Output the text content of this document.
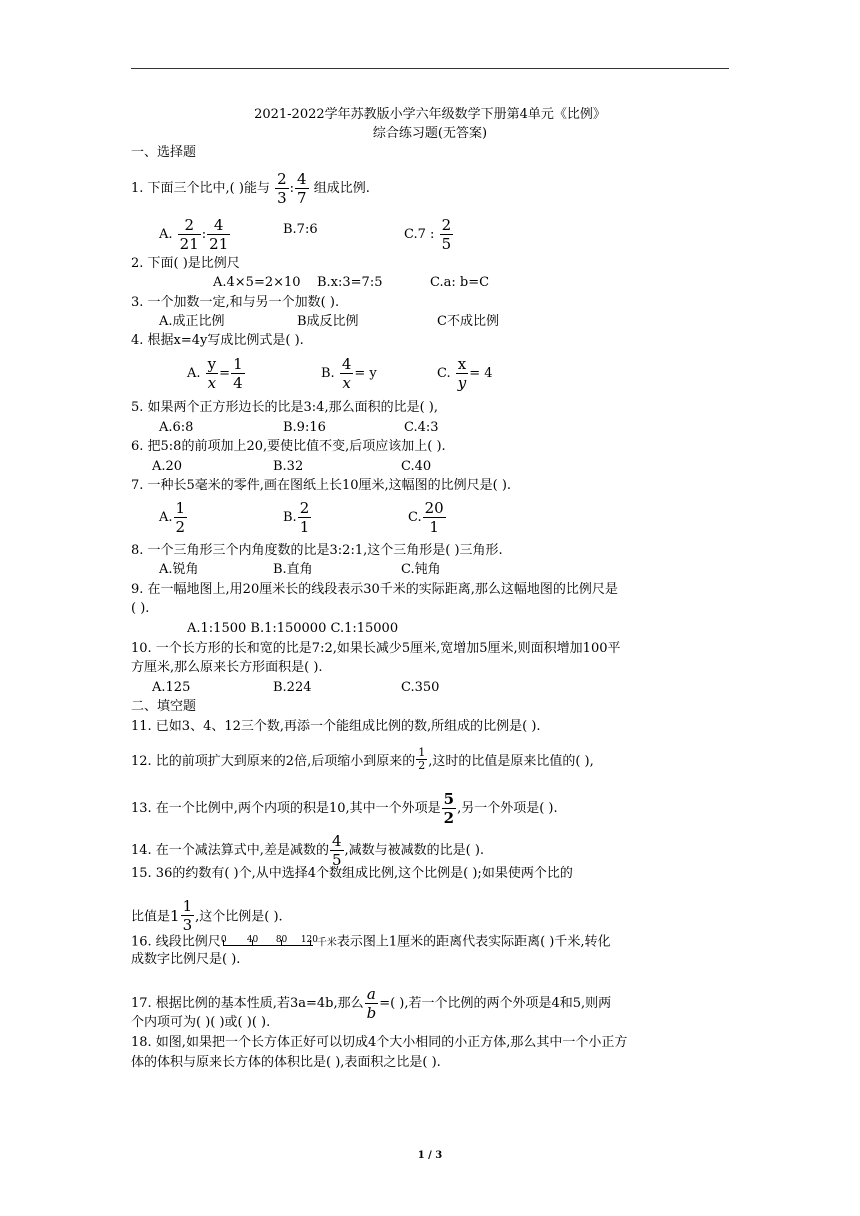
2021-2022学年苏教版小学六年级数学下册第4单元《比例》
综合练习题(无答案)
一、选择题
1. 下面三个比中,( )能与 $\frac{2}{3}$ : $\frac{4}{7}$ 组成比例.
A. $\frac{2}{21}$ : $\frac{4}{21}$	B.7:6	C.7 : $\frac{2}{5}$
2. 下面( )是比例尺
A.4×5=2×10 B.x:3=7:5	C.a: b=C
3. 一个加数一定,和与另一个加数( ).
A.成正比例	B成反比例	C不成比例
4. 根据x=4y写成比例式是( ).
A. $\frac{y}{x} = \frac{1}{4}$	B. $\frac{4}{x} = y$	C. $\frac{x}{y} = 4$
5. 如果两个正方形边长的比是3:4,那么面积的比是( ),
A.6:8	B.9:16	C.4:3
6. 把5:8的前项加上20,要使比值不变,后项应该加上( ).
A.20	B.32	C.40
7. 一种长5毫米的零件,画在图纸上长10厘米,这幅图的比例尺是( ).
A. $\frac{1}{2}$	B. $\frac{2}{1}$	C. $\frac{20}{1}$
8. 一个三角形三个内角度数的比是3:2:1,这个三角形是( )三角形.
A.锐角	B.直角	C.钝角
9. 在一幅地图上,用20厘米长的线段表示30千米的实际距离,那么这幅地图的比例尺是
( ).
A.1:1500 B.1:150000 C.1:15000
10. 一个长方形的长和宽的比是7:2,如果长减少5厘米,宽增加5厘米,则面积增加100平
方厘米,那么原来长方形面积是( ).
A.125	B.224	C.350
二、填空题
11. 已如3、4、12三个数,再添一个能组成比例的数,所组成的比例是( ).
12. 比的前项扩大到原来的2倍,后项缩小到原来的 $\frac{1}{2}$ ,这时的比值是原来比值的( ),
13. 在一个比例中,两个内项的积是10,其中一个外项是 $\frac{5}{2}$ ,另一个外项是( ).
14. 在一个减法算式中,差是减数的 $\frac{4}{5}$ ,减数与被减数的比是( ).
15. 36的约数有( )个,从中选择4个数组成比例,这个比例是( );如果使两个比的
比值是 $1 \frac{1}{3}$ ,这个比例是( ).
16. 线段比例尺 0 40 80 120
千米表示图上1厘米的距离代表实际距离( )千米,转化
成数字比例尺是( ).
17. 根据比例的基本性质,若3a=4b,那么 $\frac{a}{b}$ =( ),若一个比例的两个外项是4和5,则两
个内项可为( )( )或( )( ).
18. 如图,如果把一个长方体正好可以切成4个大小相同的小正方体,那么其中一个小正方
体的体积与原来长方体的体积比是( ),表面积之比是( ).
1 / 3
